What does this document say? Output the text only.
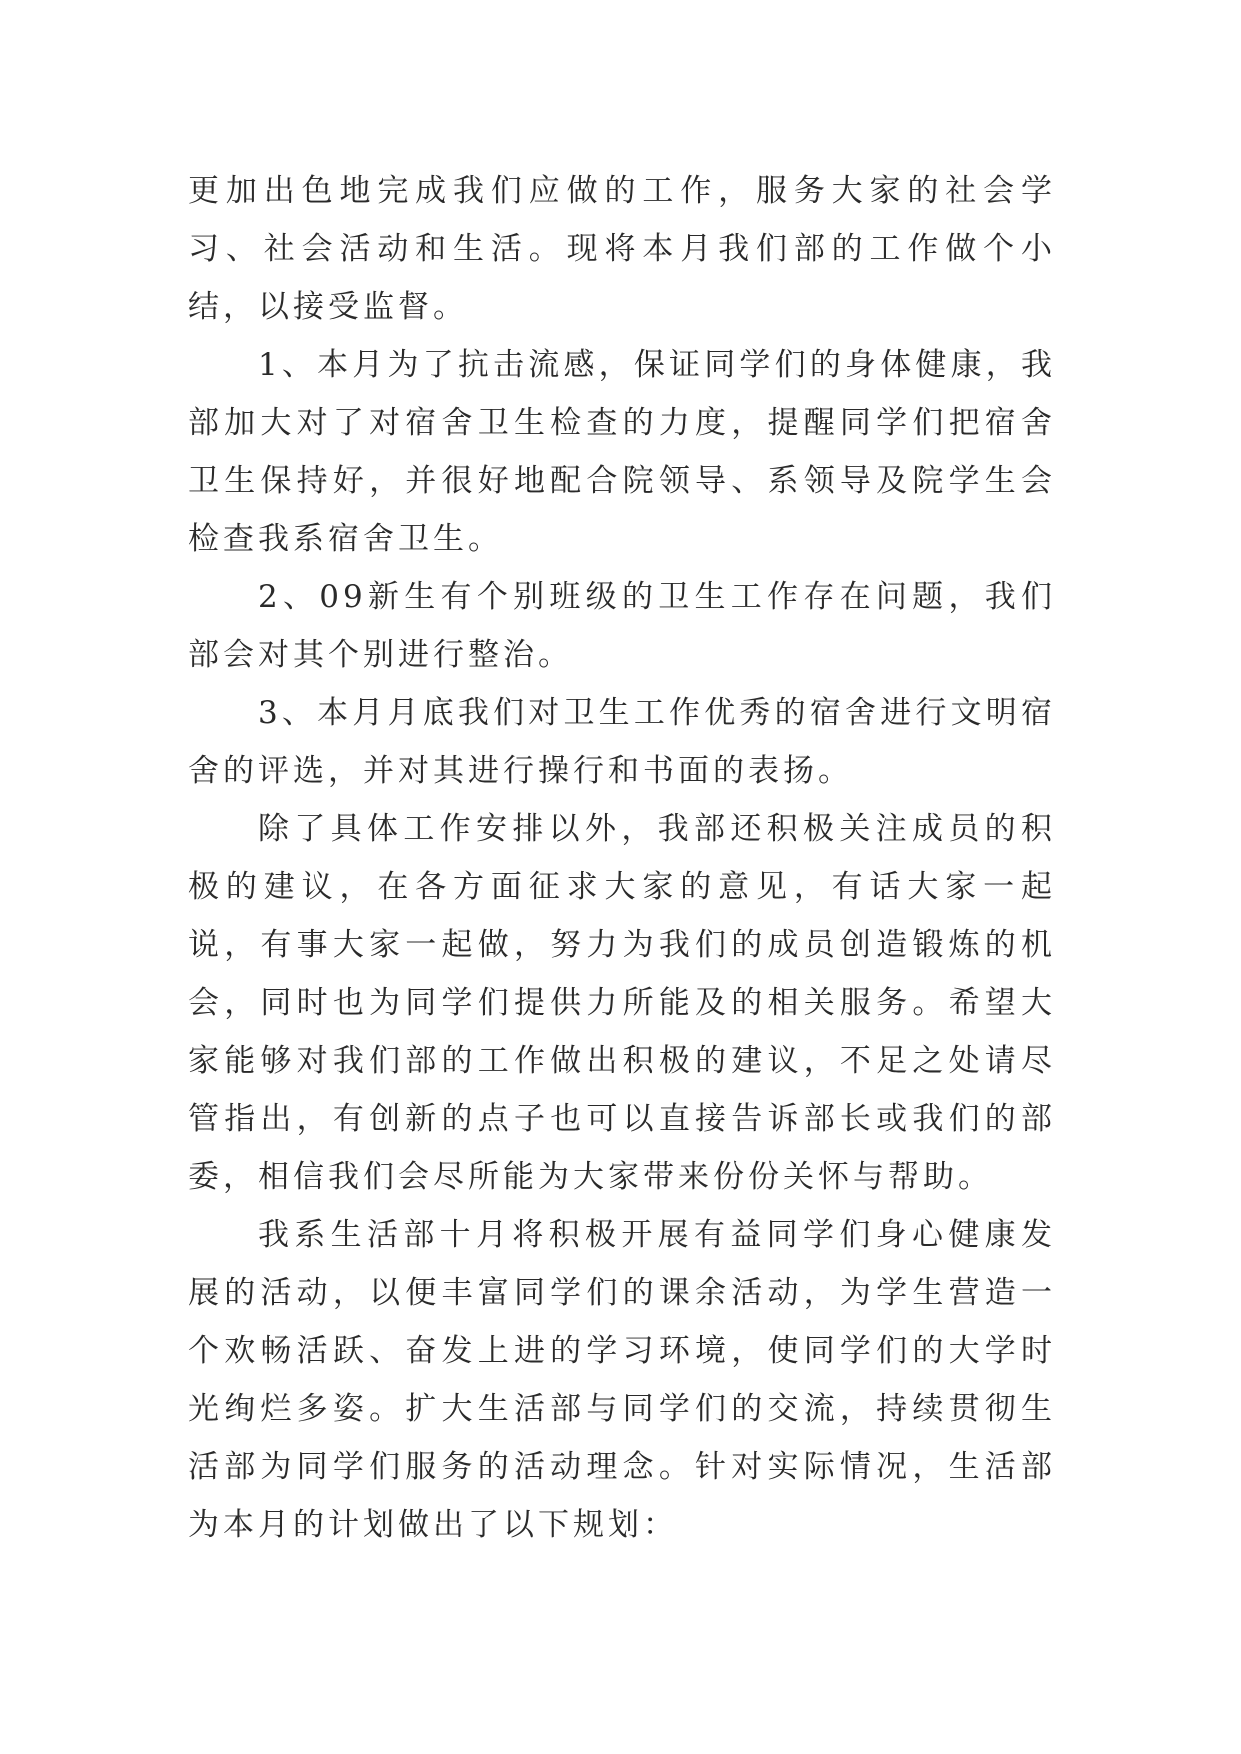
更加出色地完成我们应做的工作，服务大家的社会学习、社会活动和生活。现将本月我们部的工作做个小结，以接受监督。

1、本月为了抗击流感，保证同学们的身体健康，我部加大对了对宿舍卫生检查的力度，提醒同学们把宿舍卫生保持好，并很好地配合院领导、系领导及院学生会检查我系宿舍卫生。

2、09新生有个别班级的卫生工作存在问题，我们部会对其个别进行整治。

3、本月月底我们对卫生工作优秀的宿舍进行文明宿舍的评选，并对其进行操行和书面的表扬。

除了具体工作安排以外，我部还积极关注成员的积极的建议，在各方面征求大家的意见，有话大家一起说，有事大家一起做，努力为我们的成员创造锻炼的机会，同时也为同学们提供力所能及的相关服务。希望大家能够对我们部的工作做出积极的建议，不足之处请尽管指出，有创新的点子也可以直接告诉部长或我们的部委，相信我们会尽所能为大家带来份份关怀与帮助。

我系生活部十月将积极开展有益同学们身心健康发展的活动，以便丰富同学们的课余活动，为学生营造一个欢畅活跃、奋发上进的学习环境，使同学们的大学时光绚烂多姿。扩大生活部与同学们的交流，持续贯彻生活部为同学们服务的活动理念。针对实际情况，生活部为本月的计划做出了以下规划：
